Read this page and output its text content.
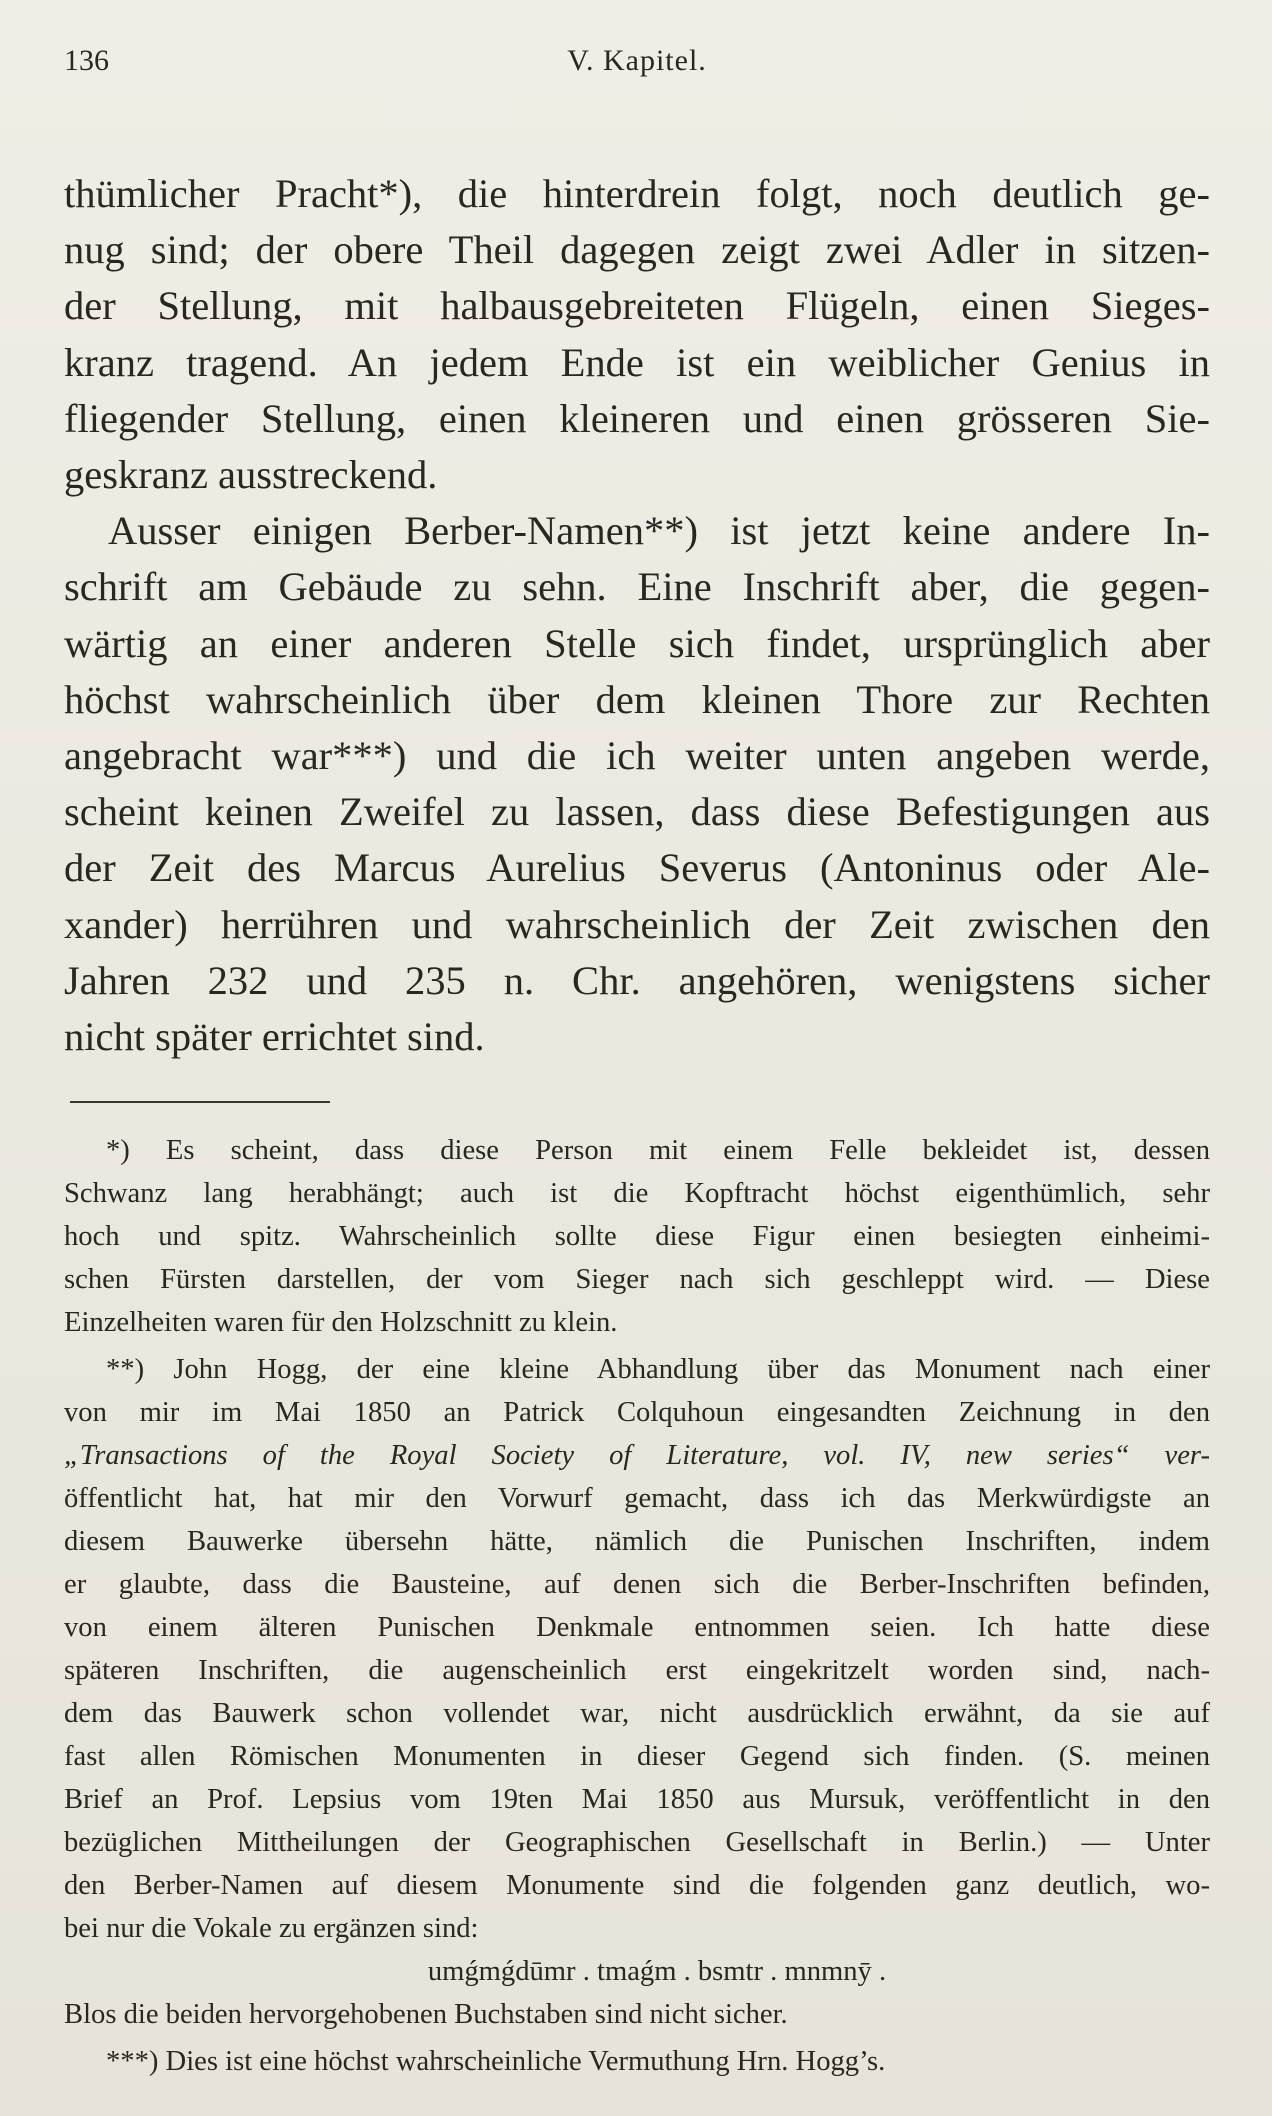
136	V. Kapitel.

thümlicher Pracht*), die hinterdrein folgt, noch deutlich ge-
nug sind; der obere Theil dagegen zeigt zwei Adler in sitzen-
der Stellung, mit halbausgebreiteten Flügeln, einen Sieges-
kranz tragend. An jedem Ende ist ein weiblicher Genius in
fliegender Stellung, einen kleineren und einen grösseren Sie-
geskranz ausstreckend.

Ausser einigen Berber-Namen**) ist jetzt keine andere In-

schrift am Gebäude zu sehn. Eine Inschrift aber, die gegen-
wärtig an einer anderen Stelle sich findet, ursprünglich aber
höchst wahrscheinlich über dem kleinen Thore zur Rechten
angebracht war***) und die ich weiter unten angeben werde,
scheint keinen Zweifel zu lassen, dass diese Befestigungen aus
der Zeit des Marcus Aurelius Severus (Antoninus oder Ale-
xander) herrühren und wahrscheinlich der Zeit zwischen den
Jahren 232 und 235 n. Chr. angehören, wenigstens sicher
nicht später errichtet sind.

*) Es scheint, dass diese Person mit einem Felle bekleidet ist, dessen
Schwanz lang herabhängt; auch ist die Kopftracht höchst eigenthümlich, sehr
hoch und spitz. Wahrscheinlich sollte diese Figur einen besiegten einheimi-
schen Fürsten darstellen, der vom Sieger nach sich geschleppt wird. — Diese
Einzelheiten waren für den Holzschnitt zu klein.
**) John Hogg, der eine kleine Abhandlung über das Monument nach einer
von mir im Mai 1850 an Patrick Colquhoun eingesandten Zeichnung in den
„Transactions of the Royal Society of Literature, vol. IV, new series“ ver-
öffentlicht hat, hat mir den Vorwurf gemacht, dass ich das Merkwürdigste an
diesem Bauwerke übersehn hätte, nämlich die Punischen Inschriften, indem
er glaubte, dass die Bausteine, auf denen sich die Berber-Inschriften befinden,
von einem älteren Punischen Denkmale entnommen seien. Ich hatte diese
späteren Inschriften, die augenscheinlich erst eingekritzelt worden sind, nach-
dem das Bauwerk schon vollendet war, nicht ausdrücklich erwähnt, da sie auf
fast allen Römischen Monumenten in dieser Gegend sich finden. (S. meinen
Brief an Prof. Lepsius vom 19ten Mai 1850 aus Mursuk, veröffentlicht in den
bezüglichen Mittheilungen der Geographischen Gesellschaft in Berlin.) — Unter
den Berber-Namen auf diesem Monumente sind die folgenden ganz deutlich, wo-
bei nur die Vokale zu ergänzen sind:
umǵmǵdūmr . tmaǵm . bsmtr . mnmnȳ .
Blos die beiden hervorgehobenen Buchstaben sind nicht sicher.
***) Dies ist eine höchst wahrscheinliche Vermuthung Hrn. Hogg’s.
